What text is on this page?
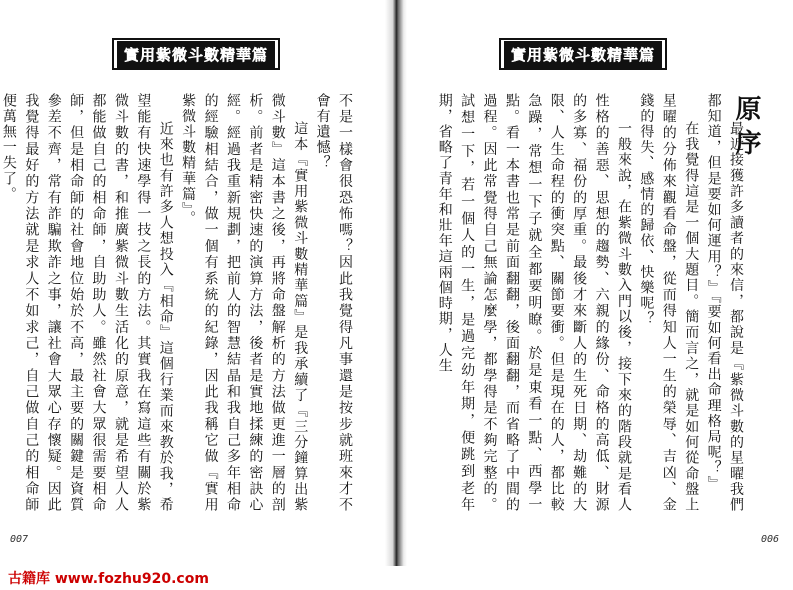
實用紫微斗數精華篇

不是一樣會很恐怖嗎？因此我覺得凡事還是按步就班來才不會有遺憾？

這本『實用紫微斗數精華篇』是我承續了『三分鐘算出紫微斗數』這本書之後，再將命盤解析的方法做更進一層的剖析。前者是精密快速的演算方法，後者是實地揉練的密訣心經。經過我重新規劃，把前人的智慧結晶和我自己多年相命的經驗相結合，做一個有系統的紀錄，因此我稱它做『實用紫微斗數精華篇』。

近來也有許多人想投入『相命』這個行業而來教於我，希望能有快速學得一技之長的方法。其實我在寫這些有關於紫微斗數的書，和推廣紫微斗數生活化的原意，就是希望人人都能做自己的相命師，自助助人。雖然社會大眾很需要相命師，但是相命師的社會地位始於不高，最主要的關鍵是資質參差不齊，常有詐騙欺詐之事，讓社會大眾心存懷疑。因此我覺得最好的方法就是求人不如求己，自己做自己的相命師便萬無一失了。

007
實用紫微斗數精華篇
原序

最近接獲許多讀者的來信，都說是『紫微斗數的星曜我們都知道，但是要如何運用？』『要如何看出命理格局呢？』

在我覺得這是一個大題目。簡而言之，就是如何從命盤上星曜的分佈來觀看命盤，從而得知人一生的榮辱、吉凶、金錢的得失、感情的歸依、快樂呢？

一般來說，在紫微斗數入門以後，接下來的階段就是看人性格的善惡、思想的趨勢、六親的緣份、命格的高低、財源的多寡、福份的厚重。最後才來斷人的生死日期、劫難的大限、人生命程的衝突點、關節要衝。但是現在的人，都比較急躁，常想一下子就全都要明瞭。於是東看一點、西學一點。看一本書也常是前面翻翻，後面翻翻，而省略了中間的過程。因此常覺得自己無論怎麼學，都學得是不夠完整的。試想一下，若一個人的一生，是過完幼年期，便跳到老年期，省略了青年和壯年這兩個時期，人生

006
古籍库 www.fozhu920.com
